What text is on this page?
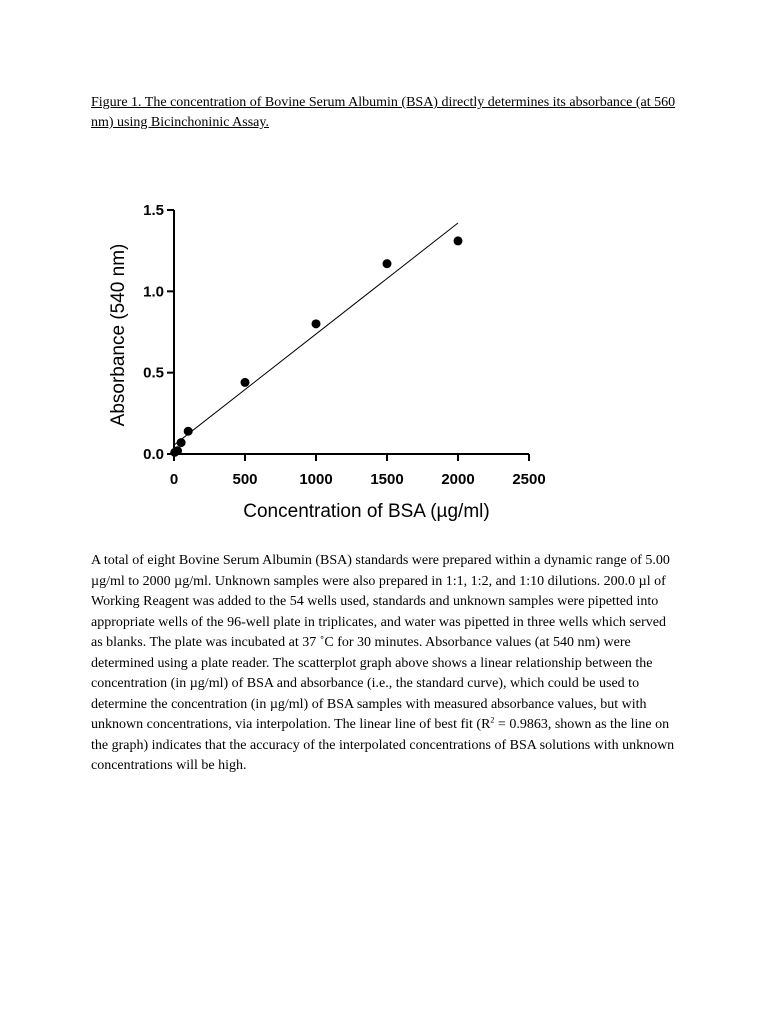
Figure 1. The concentration of Bovine Serum Albumin (BSA) directly determines its absorbance (at 560 nm) using Bicinchoninic Assay.
0	500	1000	1500	2000	2500
0.0
0.5
1.0
1.5
Concentration of BSA (µg/ml)
Absorbance (540 nm)
A total of eight Bovine Serum Albumin (BSA) standards were prepared within a dynamic range of 5.00 µg/ml to 2000 µg/ml. Unknown samples were also prepared in 1:1, 1:2, and 1:10 dilutions. 200.0 µl of Working Reagent was added to the 54 wells used, standards and unknown samples were pipetted into appropriate wells of the 96-well plate in triplicates, and water was pipetted in three wells which served as blanks. The plate was incubated at 37 ˚C for 30 minutes. Absorbance values (at 540 nm) were determined using a plate reader. The scatterplot graph above shows a linear relationship between the concentration (in µg/ml) of BSA and absorbance (i.e., the standard curve), which could be used to determine the concentration (in µg/ml) of BSA samples with measured absorbance values, but with unknown concentrations, via interpolation. The linear line of best fit ($R^2 = 0.9863$, shown as the line on the graph) indicates that the accuracy of the interpolated concentrations of BSA solutions with unknown concentrations will be high.
